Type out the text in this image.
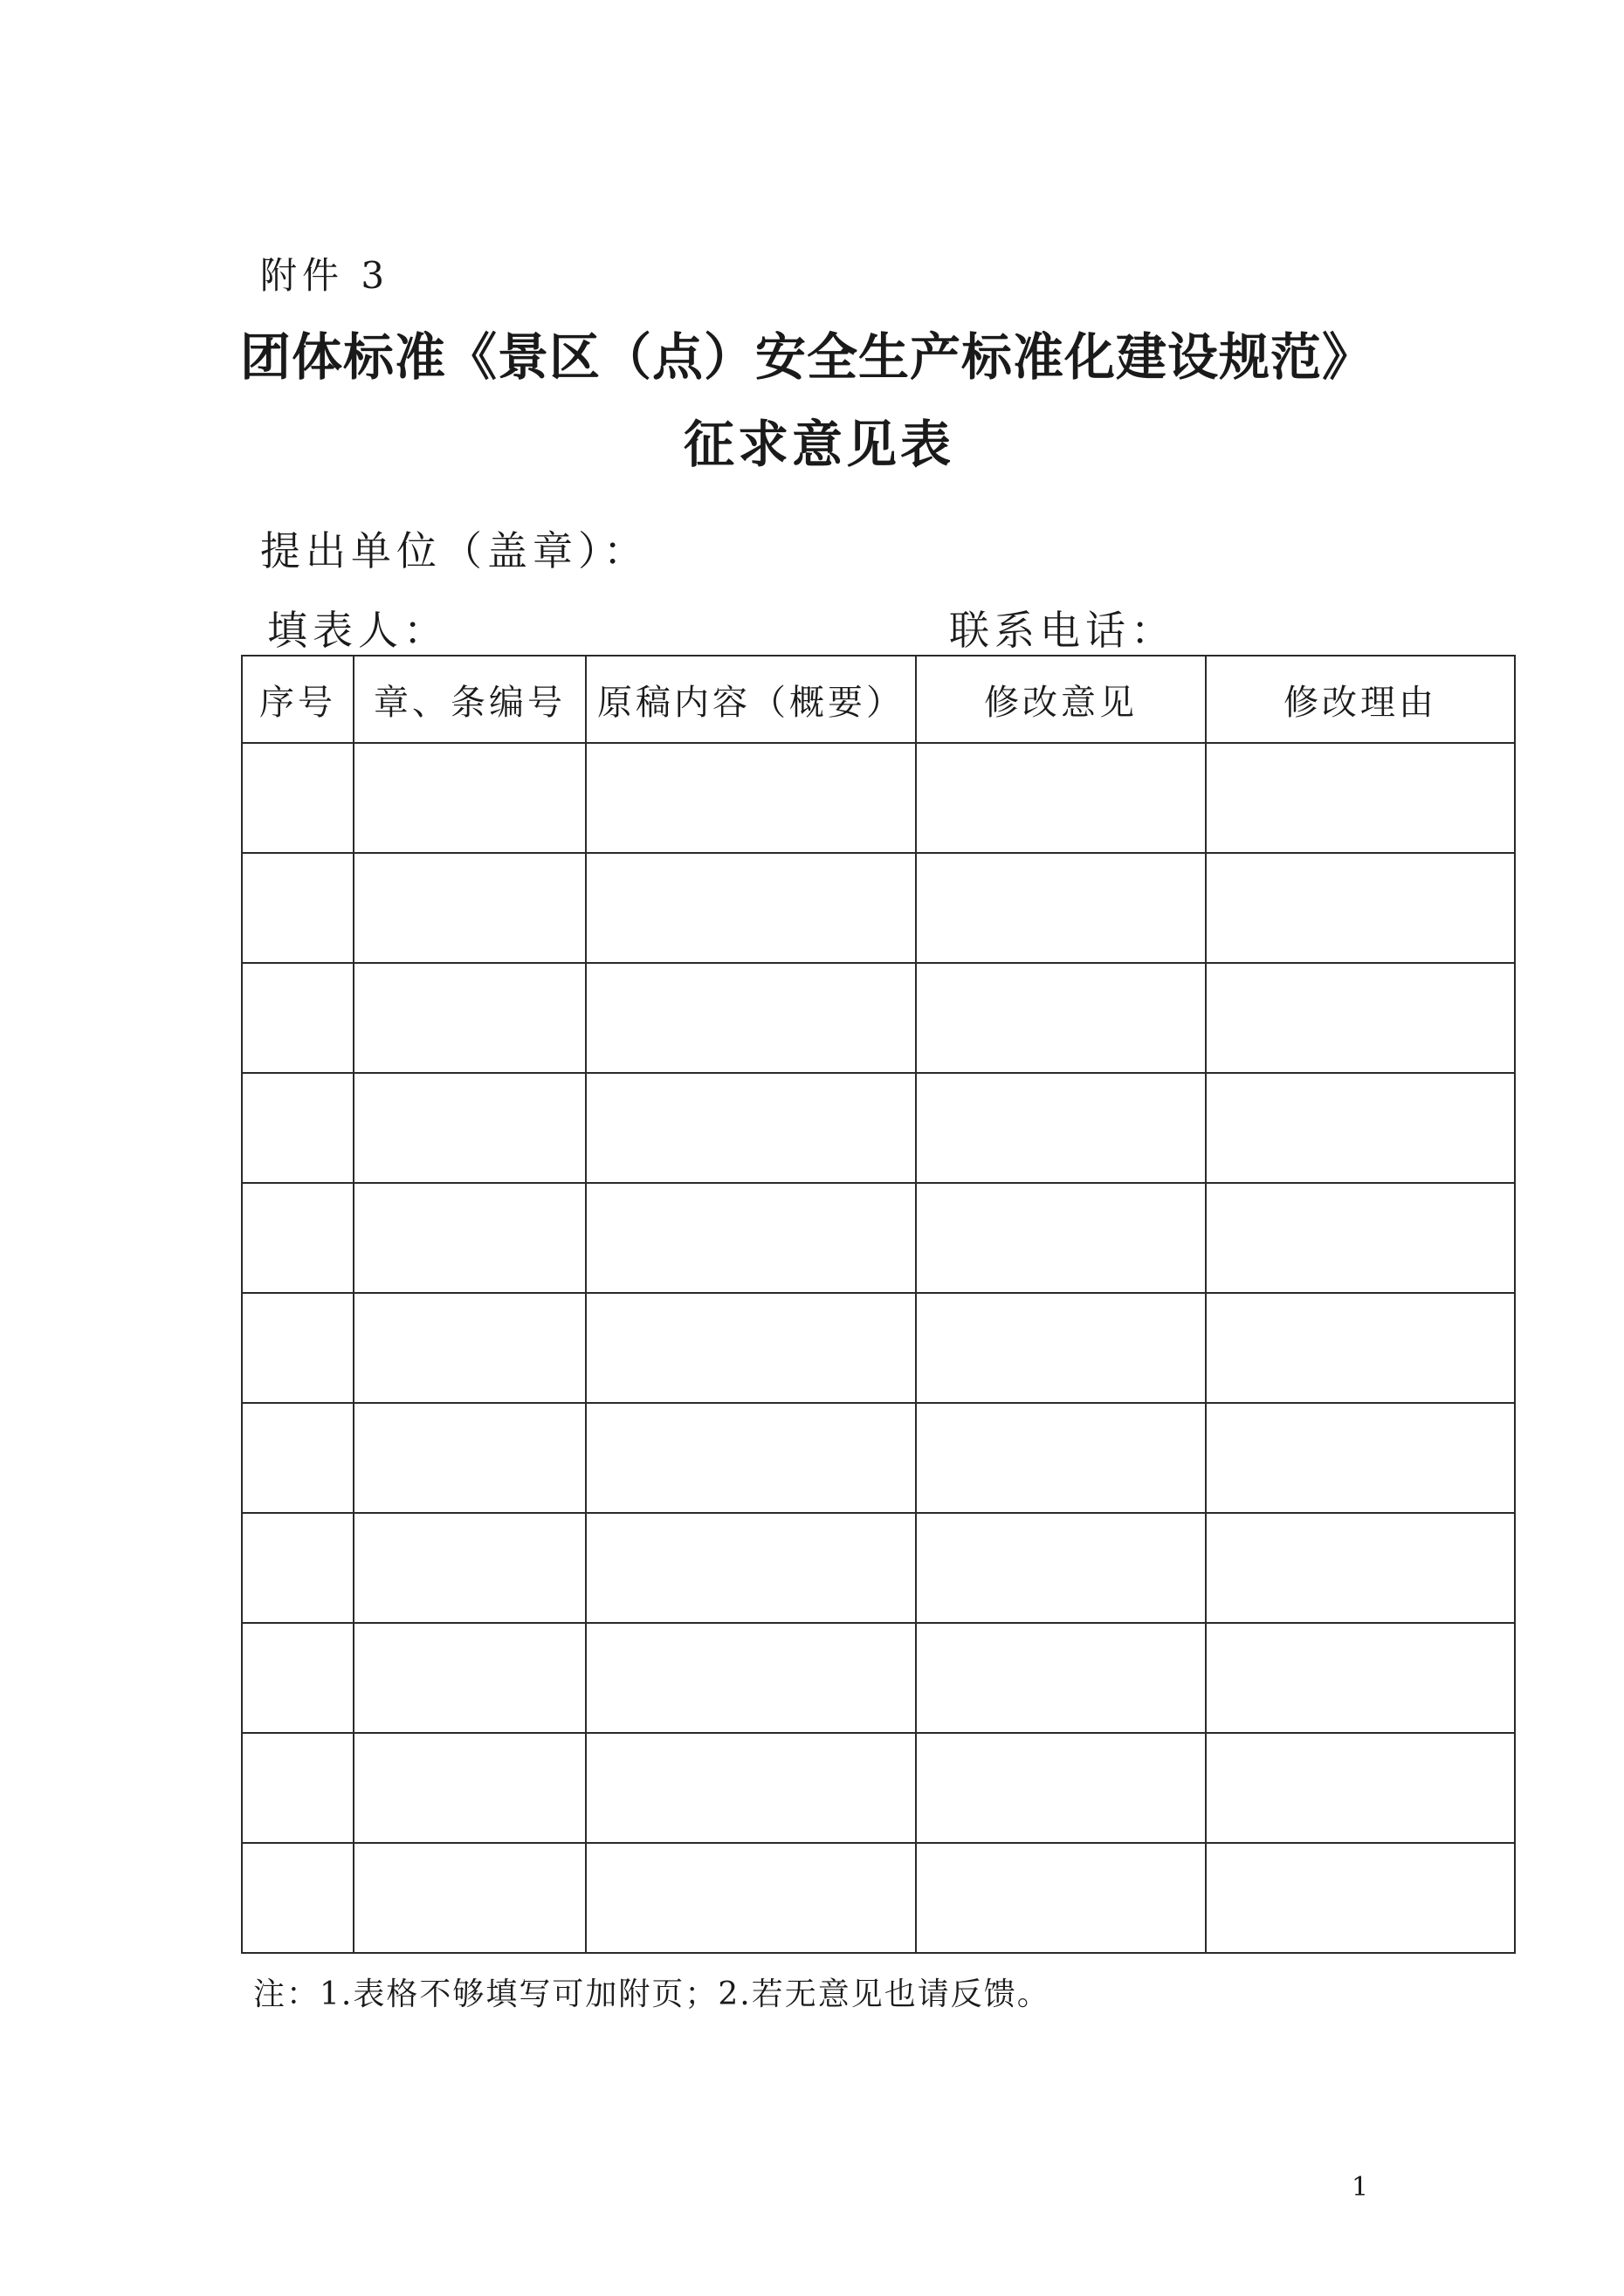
附件 3
团体标准《景区（点）安全生产标准化建设规范》
征求意见表
提出单位（盖章）：
填表人：	联系电话：
序号	章、条编号	原稿内容（概要）	修改意见	修改理由

注：1.表格不够填写可加附页；2.若无意见也请反馈。
1
